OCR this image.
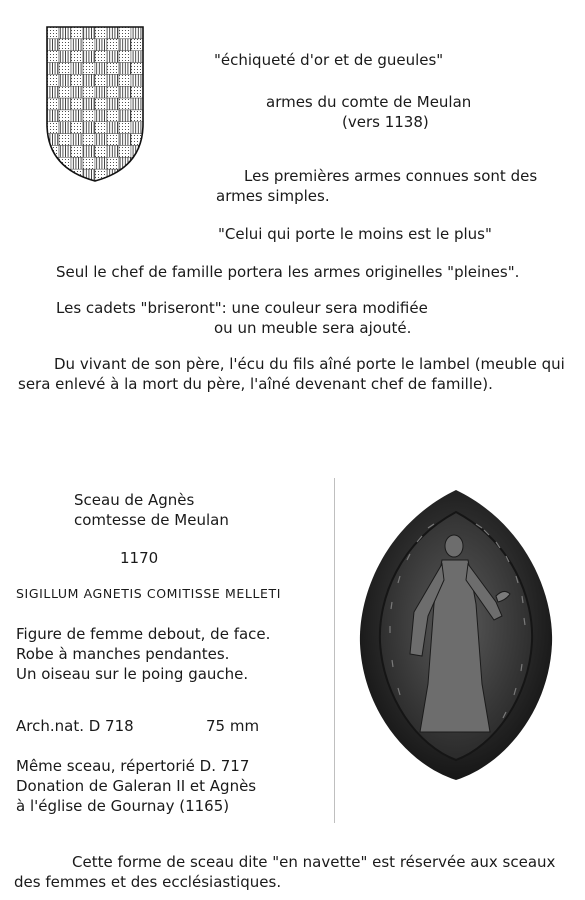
"échiqueté d'or et de gueules"
armes du comte de Meulan
(vers 1138)
Les premières armes connues sont des armes simples.
"Celui qui porte le moins est le plus"
Seul le chef de famille portera les armes originelles "pleines".
Les cadets "briseront": une couleur sera modifiée
ou un meuble sera ajouté.
Du vivant de son père, l'écu du fils aîné porte le lambel (meuble qui sera enlevé à la mort du père, l'aîné devenant chef de famille).
Sceau de Agnès
comtesse de Meulan
1170
SIGILLUM AGNETIS COMITISSE MELLETI
Figure de femme debout, de face.
Robe à manches pendantes.
Un oiseau sur le poing gauche.
Arch.nat. D 718	75 mm
Même sceau, répertorié D. 717
Donation de Galeran II et Agnès
à l'église de Gournay (1165)
Cette forme de sceau dite "en navette" est réservée aux sceaux des femmes et des ecclésiastiques.
